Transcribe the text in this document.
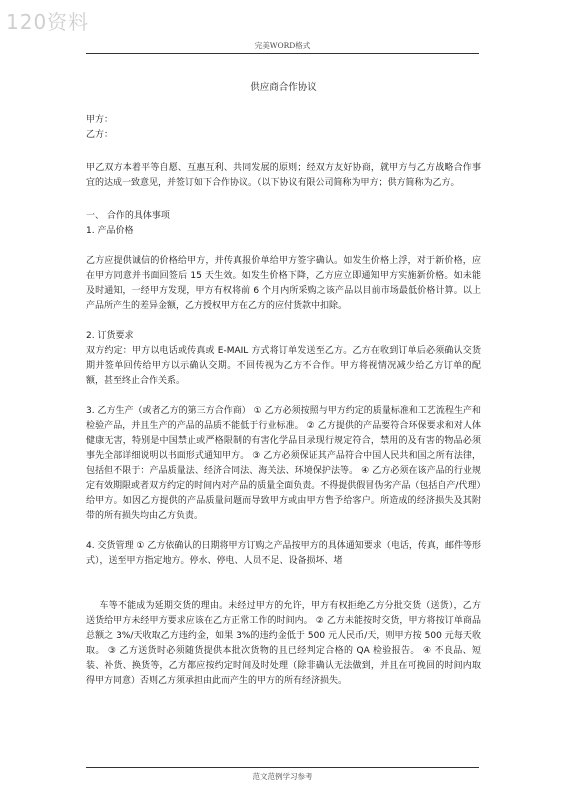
120资料
完美WORD格式

供应商合作协议

甲方：

乙方：

甲乙双方本着平等自愿、互惠互利、共同发展的原则；经双方友好协商，就甲方与乙方战略合作事宜的达成一致意见，并签订如下合作协议。（以下协议有限公司简称为甲方；供方简称为乙方。

一、 合作的具体事项

1. 产品价格

乙方应提供诚信的价格给甲方，并传真报价单给甲方签字确认。如发生价格上浮，对于新价格，应在甲方同意并书面回签后 15 天生效。如发生价格下降，乙方应立即通知甲方实施新价格。如未能及时通知，一经甲方发现，甲方有权将前 6 个月内所采购之该产品以目前市场最低价格计算。以上产品所产生的差异金额，乙方授权甲方在乙方的应付货款中扣除。

2. 订货要求

双方约定：甲方以电话或传真或 E-MAIL 方式将订单发送至乙方。乙方在收到订单后必须确认交货期并签单回传给甲方以示确认交期。不回传视为乙方不合作。甲方将视情况减少给乙方订单的配额，甚至终止合作关系。

3. 乙方生产（或者乙方的第三方合作商） ① 乙方必须按照与甲方约定的质量标准和工艺流程生产和检验产品，并且生产的产品的品质不能低于行业标准。 ② 乙方提供的产品要符合环保要求和对人体健康无害，特别是中国禁止或严格限制的有害化学品目录现行规定符合，禁用的及有害的物品必须事先全部详细说明以书面形式通知甲方。 ③ 乙方必须保证其产品符合中国人民共和国之所有法律，包括但不限于：产品质量法、经济合同法、海关法、环境保护法等。 ④ 乙方必须在该产品的行业规定有效期限或者双方约定的时间内对产品的质量全面负责。不得提供假冒伪劣产品（包括自产/代理）给甲方。如因乙方提供的产品质量问题而导致甲方或由甲方售予给客户。所造成的经济损失及其附带的所有损失均由乙方负责。

4. 交货管理 ① 乙方依确认的日期将甲方订购之产品按甲方的具体通知要求（电话，传真，邮件等形式），送至甲方指定地方。停水、停电、人员不足、设备损坏、堵

车等不能成为延期交货的理由。未经过甲方的允许，甲方有权拒绝乙方分批交货（送货），乙方送货给甲方未经甲方要求应该在乙方正常工作的时间内。 ② 乙方未能按时交货，甲方将按订单商品总额之 3%/天收取乙方违约金，如果 3%的违约金低于 500 元人民币/天，则甲方按 500 元每天收取。 ③ 乙方送货时必须随货提供本批次货物的且已经判定合格的 QA 检验报告。 ④ 不良品、短装、补货、换货等，乙方都应按约定时间及时处理（除非确认无法做到，并且在可挽回的时间内取得甲方同意）否则乙方须承担由此而产生的甲方的所有经济损失。

范文范例学习参考
